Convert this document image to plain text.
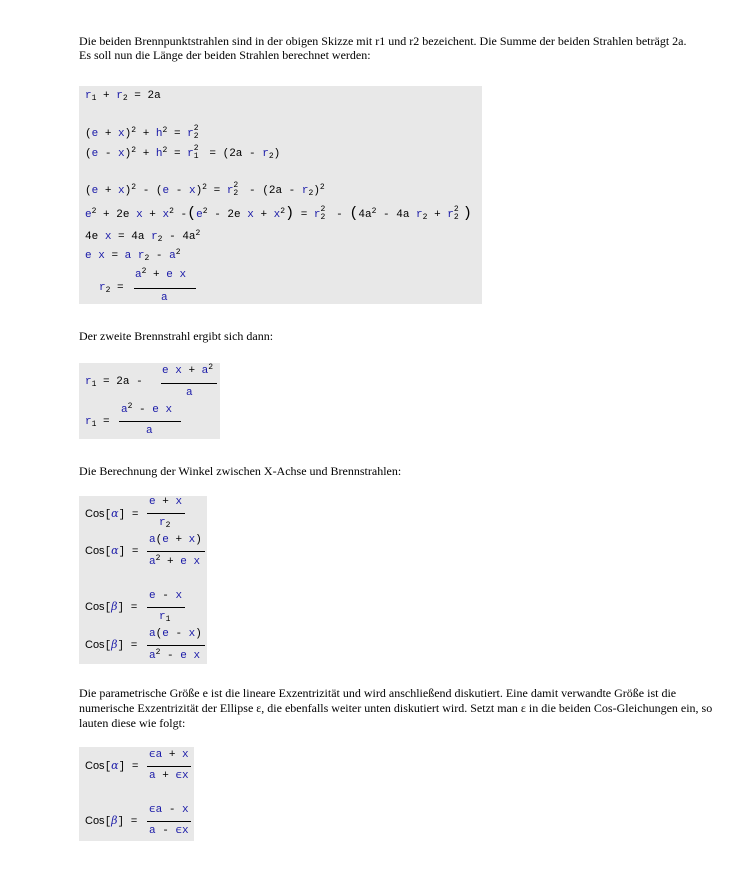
Die beiden Brennpunktstrahlen sind in der obigen Skizze mit r1 und r2 bezeichent. Die Summe der beiden Strahlen beträgt 2a.
Es soll nun die Länge der beiden Strahlen berechnet werden:
$r_1 + r_2 = 2a$
$(e + x)^2 + h^2 = r$ 2
2
$(e - x)^2 + h^2 = r$ 2
$1 = (2a - r_2)$
$(e + x)^2 - (e - x)^2 = r$ 2
$2 - (2a - r_2)^2$
$e^2 + 2e$ $x + x^2$ $-(e^2 - 2e$ $x + x^2) = r$ 2
$2 - (4a^2 - 4a$ $r_2 + r$ 2
2 )
4e x = 4a $r_2 - 4a^2$
e x = a $r_2 - a^2$
$r_2$ =
$a^2 + e$ x
a
Der zweite Brennstrahl ergibt sich dann:
$r_1 = 2a$ -
e $x + a^2$
a
$r_1$ =
$a^2$ - e x
a
Die Berechnung der Winkel zwischen X-Achse und Brennstrahlen:
Cos[α] =
e + x
$r_2$
Cos[α] =
a(e + x)
$a^2 + e$ x
Cos[β] =
e - x
$r_1$
Cos[β] =
a(e - x)
$a^2$ - e x
Die parametrische Größe e ist die lineare Exzentrizität und wird anschließend diskutiert. Eine damit verwandte Größe ist die
numerische Exzentrizität der Ellipse ε, die ebenfalls weiter unten diskutiert wird. Setzt man ε in die beiden Cos-Gleichungen ein, so
lauten diese wie folgt:
Cos[α] =
ϵa + x
a + ϵx
Cos[β] =
ϵa - x
a - ϵx
